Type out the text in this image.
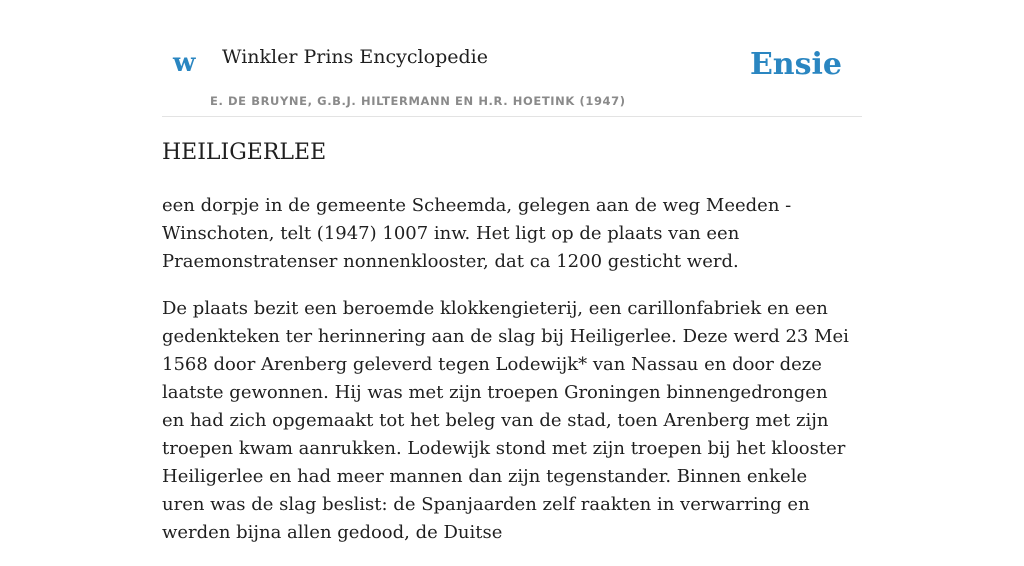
w Winkler Prins Encyclopedie
E. DE BRUYNE, G.B.J. HILTERMANN EN H.R. HOETINK (1947)
Ensie
HEILIGERLEE

een dorpje in de gemeente Scheemda, gelegen aan de weg Meeden - Winschoten, telt (1947) 1007 inw. Het ligt op de plaats van een Praemonstratenser nonnenklooster, dat ca 1200 gesticht werd.

De plaats bezit een beroemde klokkengieterij, een carillonfabriek en een gedenkteken ter herinnering aan de slag bij Heiligerlee. Deze werd 23 Mei 1568 door Arenberg geleverd tegen Lodewijk* van Nassau en door deze laatste gewonnen. Hij was met zijn troepen Groningen binnengedrongen en had zich opgemaakt tot het beleg van de stad, toen Arenberg met zijn troepen kwam aanrukken. Lodewijk stond met zijn troepen bij het klooster Heiligerlee en had meer mannen dan zijn tegenstander. Binnen enkele uren was de slag beslist: de Spanjaarden zelf raakten in verwarring en werden bijna allen gedood, de Duitse
